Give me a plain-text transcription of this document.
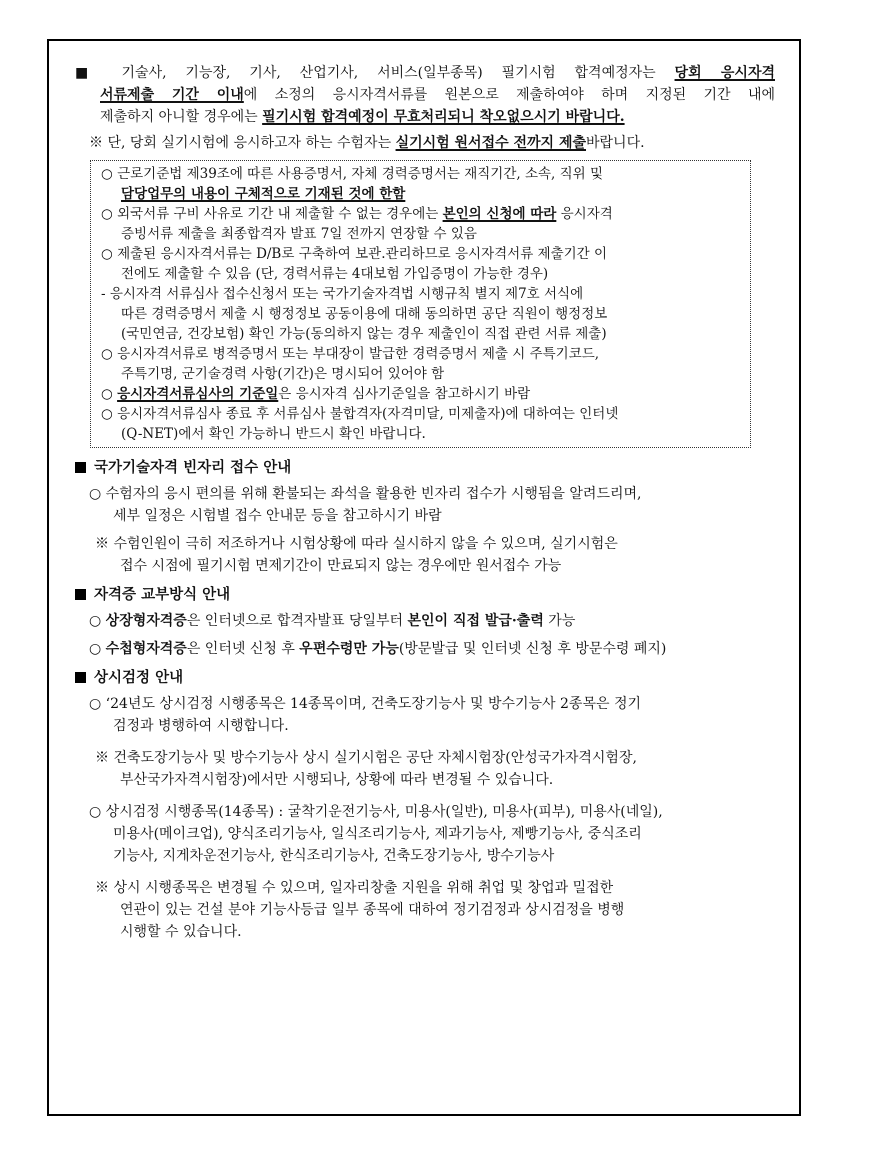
■ 기술사, 기능장, 기사, 산업기사, 서비스(일부종목) 필기시험 합격예정자는 당회 응시자격
서류제출 기간 이내에 소정의 응시자격서류를 원본으로 제출하여야 하며 지정된 기간 내에
제출하지 아니할 경우에는 필기시험 합격예정이 무효처리되니 착오없으시기 바랍니다.
※ 단, 당회 실기시험에 응시하고자 하는 수험자는 실기시험 원서접수 전까지 제출바랍니다.
○ 근로기준법 제39조에 따른 사용증명서, 자체 경력증명서는 재직기간, 소속, 직위 및
담당업무의 내용이 구체적으로 기재된 것에 한함
○ 외국서류 구비 사유로 기간 내 제출할 수 없는 경우에는 본인의 신청에 따라 응시자격
증빙서류 제출을 최종합격자 발표 7일 전까지 연장할 수 있음
○ 제출된 응시자격서류는 D/B로 구축하여 보관.관리하므로 응시자격서류 제출기간 이
전에도 제출할 수 있음 (단, 경력서류는 4대보험 가입증명이 가능한 경우)
- 응시자격 서류심사 접수신청서 또는 국가기술자격법 시행규칙 별지 제7호 서식에
따른 경력증명서 제출 시 행정정보 공동이용에 대해 동의하면 공단 직원이 행정정보
(국민연금, 건강보험) 확인 가능(동의하지 않는 경우 제출인이 직접 관련 서류 제출)
○ 응시자격서류로 병적증명서 또는 부대장이 발급한 경력증명서 제출 시 주특기코드,
주특기명, 군기술경력 사항(기간)은 명시되어 있어야 함
○ 응시자격서류심사의 기준일은 응시자격 심사기준일을 참고하시기 바람
○ 응시자격서류심사 종료 후 서류심사 불합격자(자격미달, 미제출자)에 대하여는 인터넷
(Q-NET)에서 확인 가능하니 반드시 확인 바랍니다.
국가기술자격 빈자리 접수 안내
○ 수험자의 응시 편의를 위해 환불되는 좌석을 활용한 빈자리 접수가 시행됨을 알려드리며,
세부 일정은 시험별 접수 안내문 등을 참고하시기 바람
※ 수험인원이 극히 저조하거나 시험상황에 따라 실시하지 않을 수 있으며, 실기시험은
접수 시점에 필기시험 면제기간이 만료되지 않는 경우에만 원서접수 가능
자격증 교부방식 안내
○ 상장형자격증은 인터넷으로 합격자발표 당일부터 본인이 직접 발급·출력 가능
○ 수첩형자격증은 인터넷 신청 후 우편수령만 가능(방문발급 및 인터넷 신청 후 방문수령 폐지)
상시검정 안내
○ ‘24년도 상시검정 시행종목은 14종목이며, 건축도장기능사 및 방수기능사 2종목은 정기
검정과 병행하여 시행합니다.
※ 건축도장기능사 및 방수기능사 상시 실기시험은 공단 자체시험장(안성국가자격시험장,
부산국가자격시험장)에서만 시행되나, 상황에 따라 변경될 수 있습니다.
○ 상시검정 시행종목(14종목) : 굴착기운전기능사, 미용사(일반), 미용사(피부), 미용사(네일),
미용사(메이크업), 양식조리기능사, 일식조리기능사, 제과기능사, 제빵기능사, 중식조리
기능사, 지게차운전기능사, 한식조리기능사, 건축도장기능사, 방수기능사
※ 상시 시행종목은 변경될 수 있으며, 일자리창출 지원을 위해 취업 및 창업과 밀접한
연관이 있는 건설 분야 기능사등급 일부 종목에 대하여 정기검정과 상시검정을 병행
시행할 수 있습니다.
